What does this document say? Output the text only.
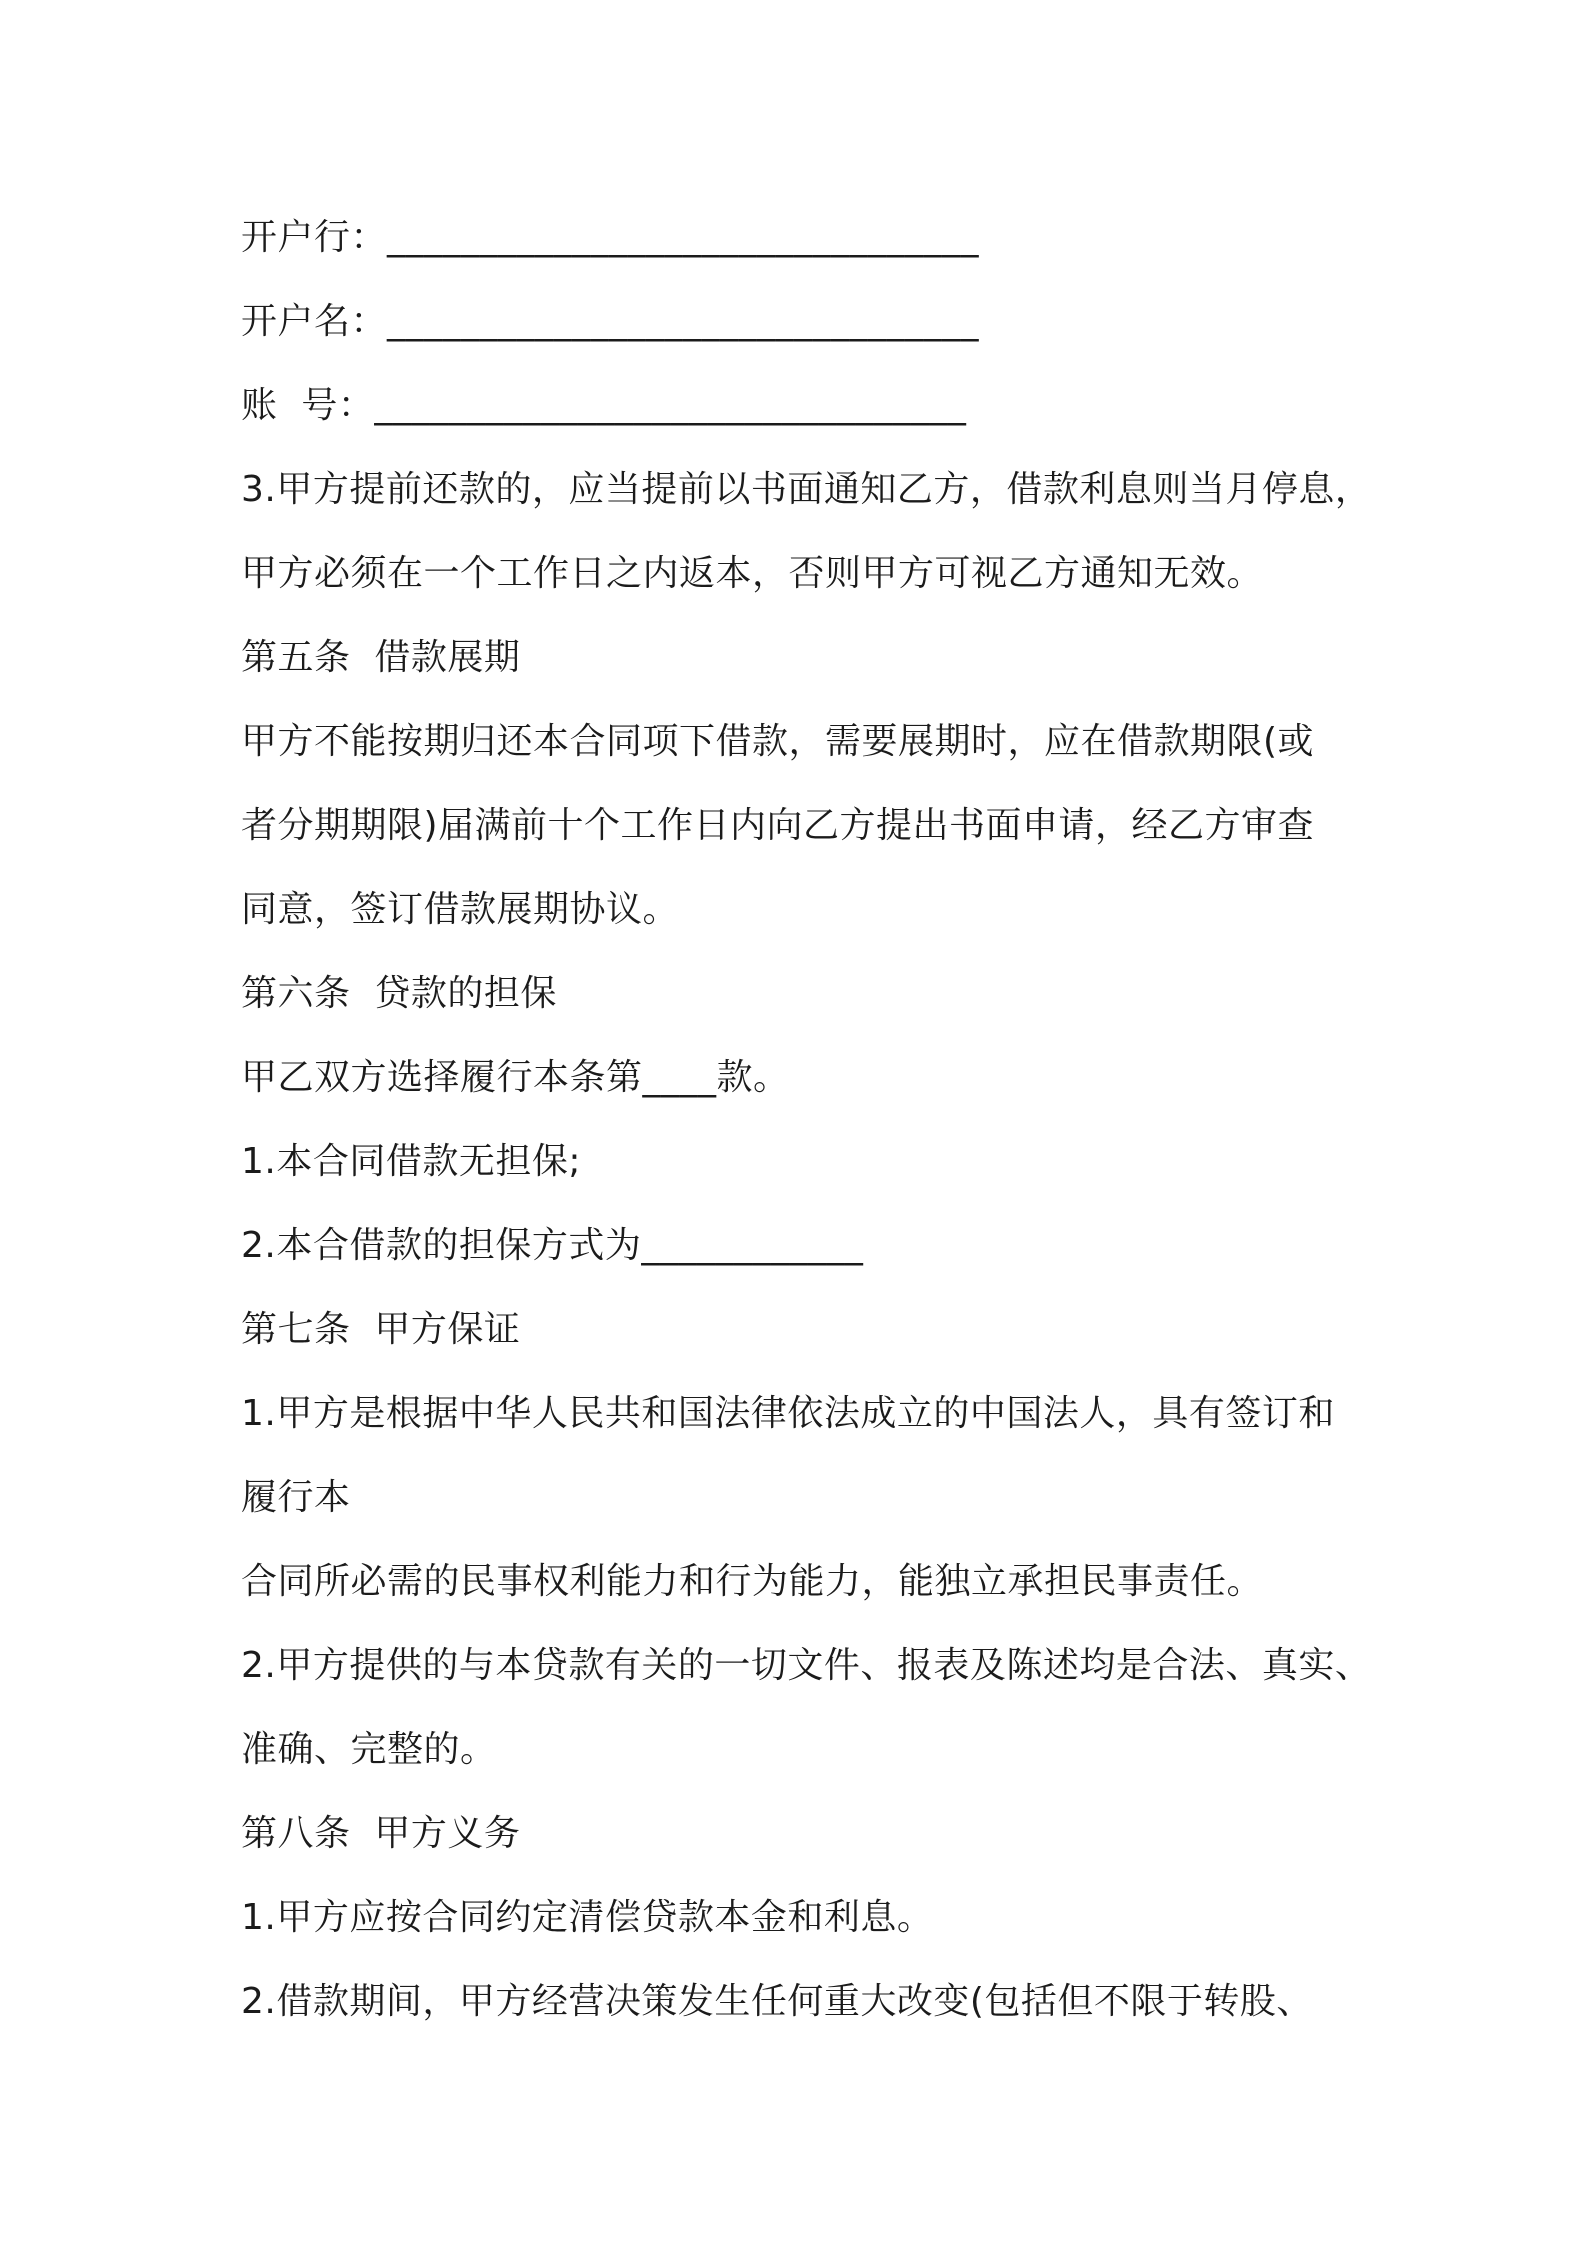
开户行：________________________________
开户名：________________________________
账  号：________________________________
3.甲方提前还款的，应当提前以书面通知乙方，借款利息则当月停息，
甲方必须在一个工作日之内返本，否则甲方可视乙方通知无效。
第五条  借款展期
甲方不能按期归还本合同项下借款，需要展期时，应在借款期限(或
者分期期限)届满前十个工作日内向乙方提出书面申请，经乙方审查
同意，签订借款展期协议。
第六条  贷款的担保
甲乙双方选择履行本条第____款。
1.本合同借款无担保;
2.本合借款的担保方式为____________
第七条  甲方保证
1.甲方是根据中华人民共和国法律依法成立的中国法人，具有签订和
履行本
合同所必需的民事权利能力和行为能力，能独立承担民事责任。
2.甲方提供的与本贷款有关的一切文件、报表及陈述均是合法、真实、
准确、完整的。
第八条  甲方义务
1.甲方应按合同约定清偿贷款本金和利息。
2.借款期间，甲方经营决策发生任何重大改变(包括但不限于转股、
